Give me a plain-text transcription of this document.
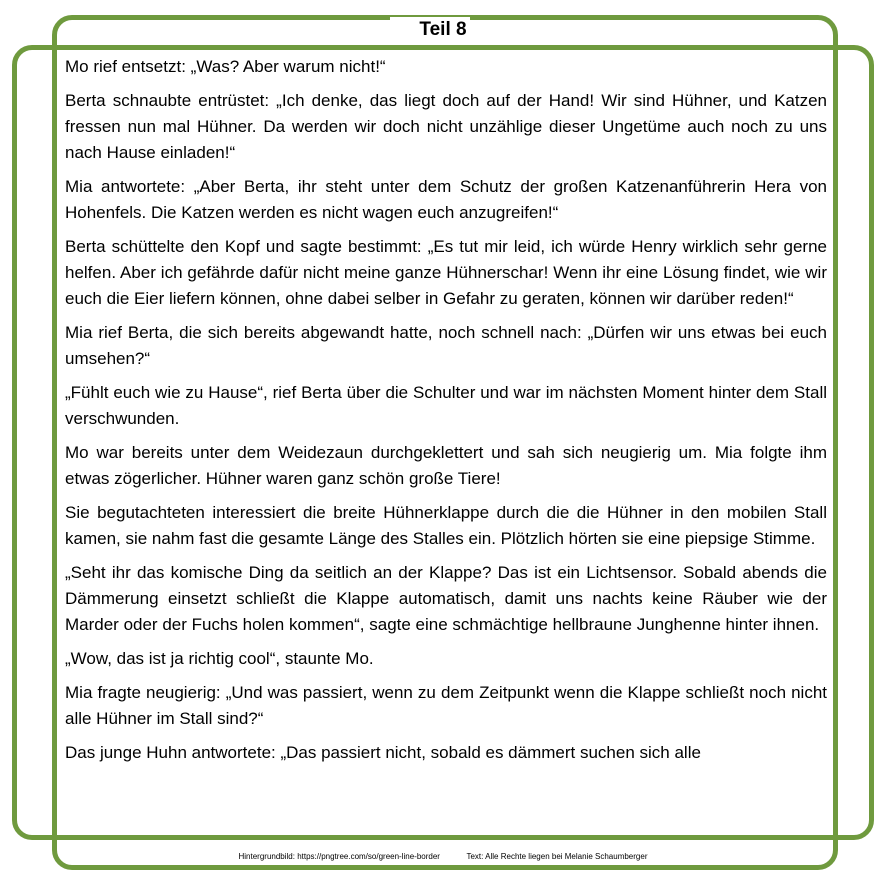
Teil 8

Mo rief entsetzt: „Was? Aber warum nicht!“

Berta schnaubte entrüstet: „Ich denke, das liegt doch auf der Hand! Wir sind Hühner, und Katzen fressen nun mal Hühner. Da werden wir doch nicht unzählige dieser Ungetüme auch noch zu uns nach Hause einladen!“

Mia antwortete: „Aber Berta, ihr steht unter dem Schutz der großen Katzenanführerin Hera von Hohenfels. Die Katzen werden es nicht wagen euch anzugreifen!“

Berta schüttelte den Kopf und sagte bestimmt: „Es tut mir leid, ich würde Henry wirklich sehr gerne helfen. Aber ich gefährde dafür nicht meine ganze Hühnerschar! Wenn ihr eine Lösung findet, wie wir euch die Eier liefern können, ohne dabei selber in Gefahr zu geraten, können wir darüber reden!“

Mia rief Berta, die sich bereits abgewandt hatte, noch schnell nach: „Dürfen wir uns etwas bei euch umsehen?“

„Fühlt euch wie zu Hause“, rief Berta über die Schulter und war im nächsten Moment hinter dem Stall verschwunden.

Mo war bereits unter dem Weidezaun durchgeklettert und sah sich neugierig um. Mia folgte ihm etwas zögerlicher. Hühner waren ganz schön große Tiere!

Sie begutachteten interessiert die breite Hühnerklappe durch die die Hühner in den mobilen Stall kamen, sie nahm fast die gesamte Länge des Stalles ein. Plötzlich hörten sie eine piepsige Stimme.

„Seht ihr das komische Ding da seitlich an der Klappe? Das ist ein Lichtsensor. Sobald abends die Dämmerung einsetzt schließt die Klappe automatisch, damit uns nachts keine Räuber wie der Marder oder der Fuchs holen kommen“, sagte eine schmächtige hellbraune Junghenne hinter ihnen.

„Wow, das ist ja richtig cool“, staunte Mo.

Mia fragte neugierig: „Und was passiert, wenn zu dem Zeitpunkt wenn die Klappe schließt noch nicht alle Hühner im Stall sind?“

Das junge Huhn antwortete: „Das passiert nicht, sobald es dämmert suchen sich alle

Hintergrundbild: https://pngtree.com/so/green-line-border	Text: Alle Rechte liegen bei Melanie Schaumberger
